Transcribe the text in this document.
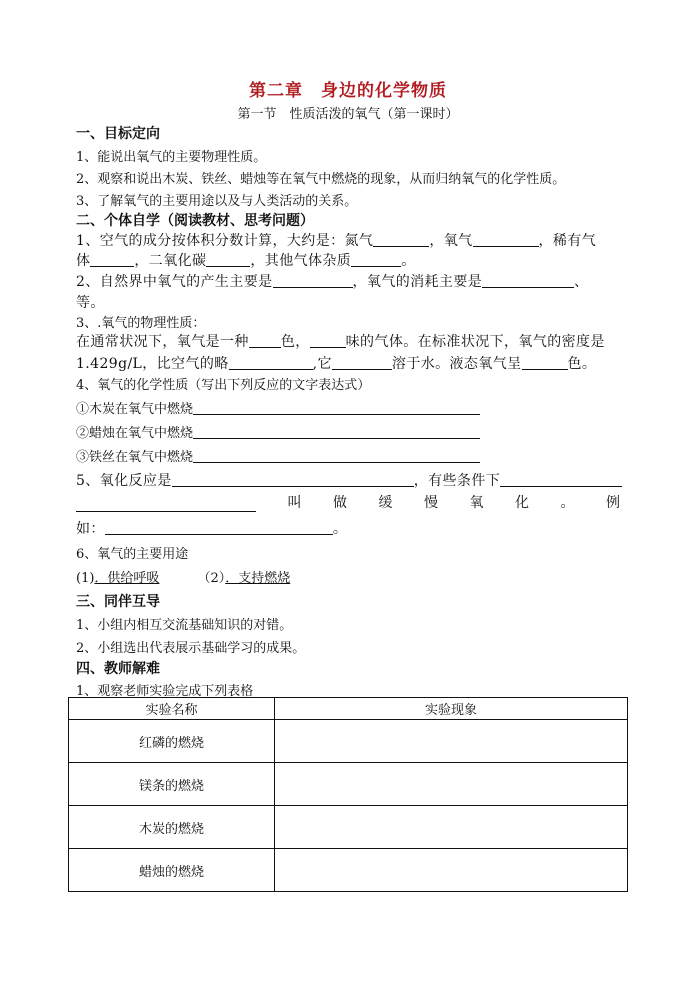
第二章　身边的化学物质
第一节　性质活泼的氧气（第一课时）
一、目标定向
1、能说出氧气的主要物理性质。
2、观察和说出木炭、铁丝、蜡烛等在氧气中燃烧的现象，从而归纳氧气的化学性质。
3、了解氧气的主要用途以及与人类活动的关系。
二、个体自学（阅读教材、思考问题）
1、空气的成分按体积分数计算，大约是：氮气	，氧气	，稀有气
体	，二氧化碳	，其他气体杂质	。
2、自然界中氧气的产生主要是	，氧气的消耗主要是	、
等。
3、.氧气的物理性质：
在通常状况下，氧气是一种 色，	味的气体。在标准状况下，氧气的密度是
1.429g/L，比空气的略	,它	溶于水。液态氧气呈	色。
4、氧气的化学性质（写出下列反应的文字表达式）
①木炭在氧气中燃烧
②蜡烛在氧气中燃烧
③铁丝在氧气中燃烧
5、氧化反应是	，有些条件下
叫 做 缓 慢 氧 化 。 例
如：	。
6、氧气的主要用途
(1)．供给呼吸	（2）．支持燃烧
三、同伴互导
1、小组内相互交流基础知识的对错。
2、小组选出代表展示基础学习的成果。
四、教师解难
1、观察老师实验完成下列表格
实验名称	实验现象
红磷的燃烧	
镁条的燃烧	
木炭的燃烧	
蜡烛的燃烧	
